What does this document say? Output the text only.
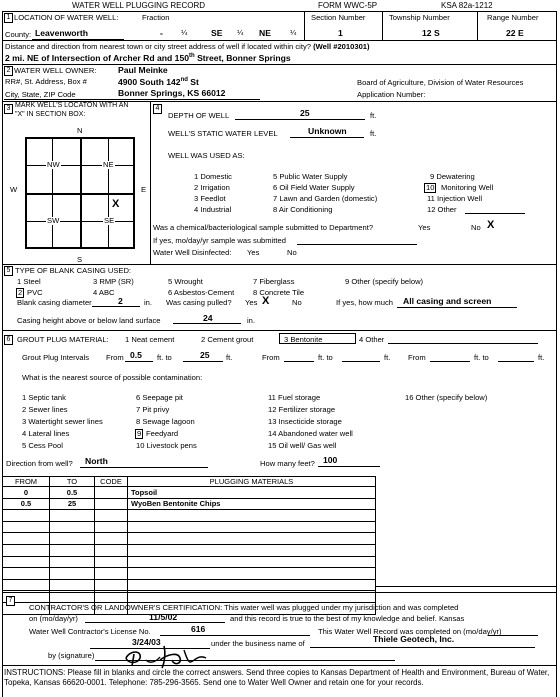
WATER WELL PLUGGING RECORD	FORM WWC-5P	KSA 82a-1212
1 LOCATION OF WATER WELL:	Fraction
County: Leavenworth	- ¼	SE ¼ NE	¼
Section Number
1
Township Number
12 S
Range Number
22 E
Distance and direction from nearest town or city street address of well if located within city? (Well #2010301)
2 mi. NE of Intersection of Archer Rd and 150th Street, Bonner Springs
2 WATER WELL OWNER:	Paul Meinke
RR#, St. Address, Box #	4900 South 142nd St
City, State, ZIP Code	Bonner Springs, KS 66012
Board of Agriculture, Division of Water Resources
Application Number:
3 MARK WELL'S LOCATON WITH AN
"X" IN SECTION BOX:
N
S
W	E
NW	NE
SW	SE
X
4
DEPTH OF WELL	25	ft.
WELL'S STATIC WATER LEVEL	Unknown	ft.
WELL WAS USED AS:
1 Domestic
2 Irrigation
3 Feedlot
4 Industrial
5 Public Water Supply
6 Oil Field Water Supply
7 Lawn and Garden (domestic)
8 Air Conditioning
9 Dewatering
10 Monitoring Well
11 Injection Well
12 Other
Was a chemical/bacteriological sample submitted to Department?	Yes	No X
If yes, mo/day/yr sample was submitted
Water Well Disinfected: Yes	No
5 TYPE OF BLANK CASING USED:
1 Steel
2 PVC
3 RMP (SR)
4 ABC
5 Wrought
6 Asbestos-Cement
7 Fiberglass
8 Concrete Tile
9 Other (specify below)
Blank casing diameter	2	in. Was casing pulled? Yes X	No	If yes, how much All casing and screen
Casing height above or below land surface	24	in.
6 GROUT PLUG MATERIAL: 1 Neat cement	2 Cement grout	3 Bentonite	4 Other
Grout Plug Intervals From 0.5 ft. to	25 ft.	From	ft. to	ft. From	ft. to	ft.
What is the nearest source of possible contamination:
1 Septic tank
2 Sewer lines
3 Watertight sewer lines
4 Lateral lines
5 Cess Pool
6 Seepage pit
7 Pit privy
8 Sewage lagoon
9 Feedyard
10 Livestock pens
11 Fuel storage
12 Fertilizer storage
13 Insecticide storage
14 Abandoned water well
15 Oil well/ Gas well
16 Other (specify below)
Direction from well? North	How many feet? 100
FROM	TO	CODE	PLUGGING MATERIALS
0	0.5		Topsoil
0.5	25		WyoBen Bentonite Chips

7
CONTRACTOR'S OR LANDOWNER'S CERTIFICATION: This water well was plugged under my jurisdiction and was completed
on (mo/day/yr)	11/5/02	and this record is true to the best of my knowledge and belief. Kansas
Water Well Contractor's License No.	616	This Water Well Record was completed on (mo/day/yr)
3/24/03	under the business name of	Thiele Geotech, Inc.
by (signature)
INSTRUCTIONS: Please fill in blanks and circle the correct answers. Send three copies to Kansas Department of Health and Environment, Bureau of Water, Topeka, Kansas 66620-0001. Telephone: 785-296-3565. Send one to Water Well Owner and retain one for your records.
